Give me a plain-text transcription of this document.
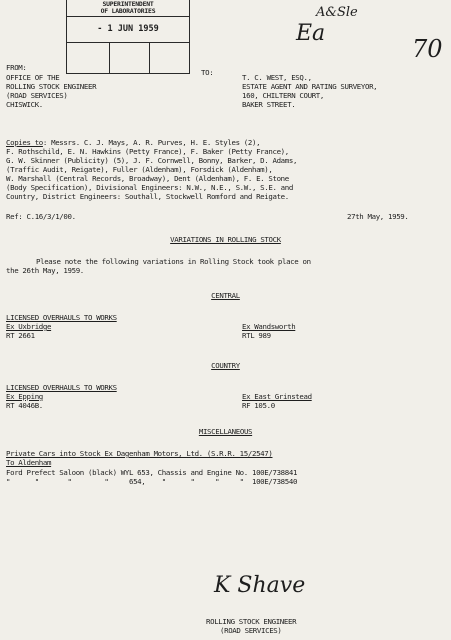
SUPERINTENDENT
OF LABORATORIES
- 1 JUN 1959
A&Sle
Ea
70
FROM:
OFFICE OF THE
ROLLING STOCK ENGINEER
(ROAD SERVICES)
CHISWICK.
TO:
T. C. WEST, ESQ.,
ESTATE AGENT AND RATING SURVEYOR,
160, CHILTERN COURT,
BAKER STREET.
Copies to: Messrs. C. J. Mays, A. R. Purves, H. E. Styles (2),
F. Rothschild, E. N. Hawkins (Petty France), F. Baker (Petty France),
G. W. Skinner (Publicity) (5), J. F. Cornwell, Bonny, Barker, D. Adams,
(Traffic Audit, Reigate), Fuller (Aldenham), Forsdick (Aldenham),
W. Marshall (Central Records, Broadway), Dent (Aldenham), F. E. Stone
(Body Specification), Divisional Engineers: N.W., N.E., S.W., S.E. and
Country, District Engineers: Southall, Stockwell Romford and Reigate.
Ref: C.16/3/1/00.	27th May, 1959.
VARIATIONS IN ROLLING STOCK
Please note the following variations in Rolling Stock took place on
the 26th May, 1959.
CENTRAL
LICENSED OVERHAULS TO WORKS
Ex Uxbridge
RT 2661
Ex Wandsworth
RTL 989
COUNTRY
LICENSED OVERHAULS TO WORKS
Ex Epping
RT 4046B.
Ex East Grinstead
RF 105.0
MISCELLANEOUS
Private Cars into Stock Ex Dagenham Motors, Ltd. (S.R.R. 15/2547)
To Aldenham
Ford Prefect Saloon (black) WYL 653, Chassis and Engine No. 100E/738841
"      "       "        "     654,    "      "     "     "  100E/738540
K Shave
ROLLING STOCK ENGINEER
(ROAD SERVICES)
